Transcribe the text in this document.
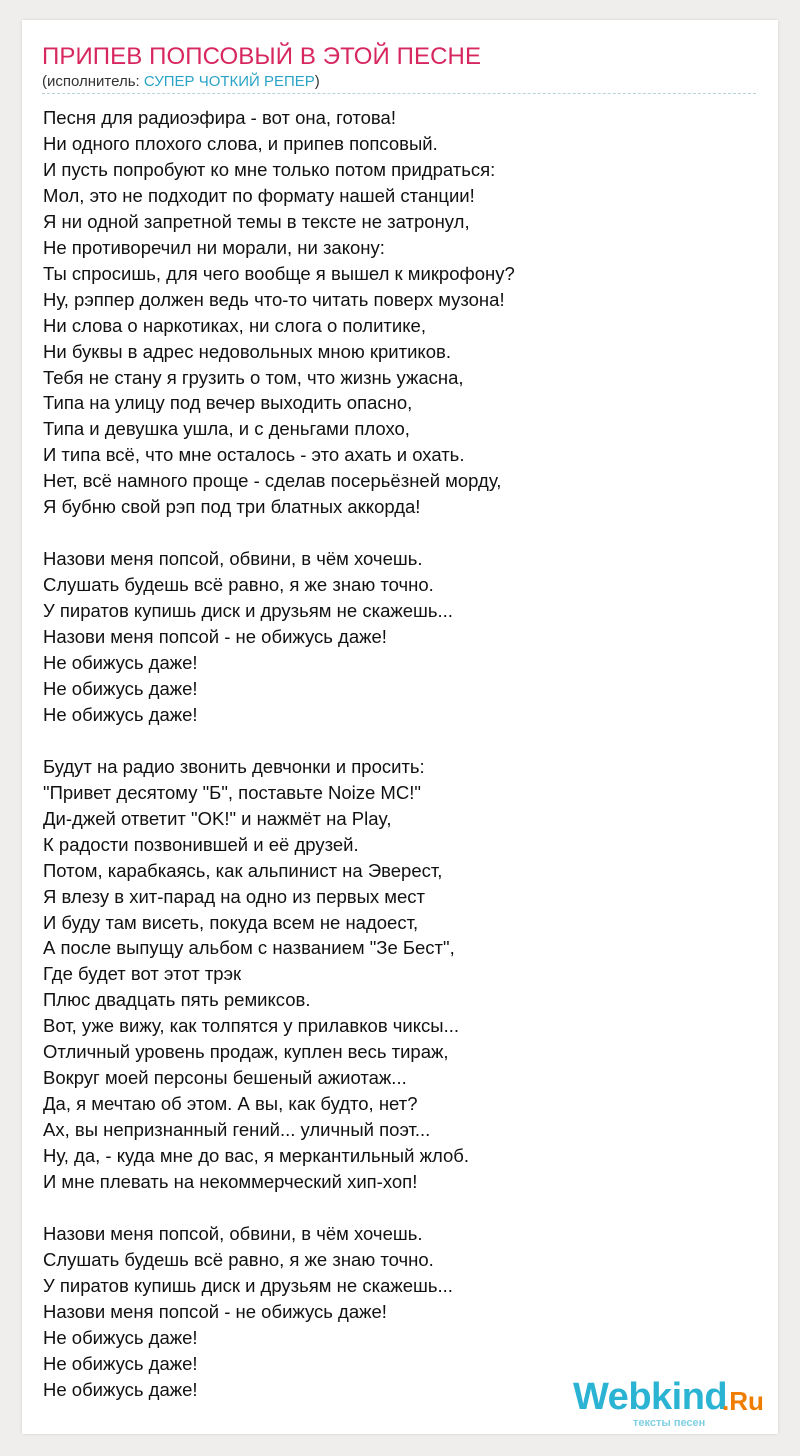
ПРИПЕВ ПОПСОВЫЙ В ЭТОЙ ПЕСНЕ
(исполнитель: СУПЕР ЧОТКИЙ РЕПЕР)
Песня для радиоэфира - вот она, готова!
Ни одного плохого слова, и припев попсовый.
И пусть попробуют ко мне только потом придраться:
Мол, это не подходит по формату нашей станции!
Я ни одной запретной темы в тексте не затронул,
Не противоречил ни морали, ни закону:
Ты спросишь, для чего вообще я вышел к микрофону?
Ну, рэппер должен ведь что-то читать поверх музона!
Ни слова о наркотиках, ни слога о политике,
Ни буквы в адрес недовольных мною критиков.
Тебя не стану я грузить о том, что жизнь ужасна,
Типа на улицу под вечер выходить опасно,
Типа и девушка ушла, и с деньгами плохо,
И типа всё, что мне осталось - это ахать и охать.
Нет, всё намного проще - сделав посерьёзней морду,
Я бубню свой рэп под три блатных аккорда!
Назови меня попсой, обвини, в чём хочешь.
Слушать будешь всё равно, я же знаю точно.
У пиратов купишь диск и друзьям не скажешь...
Назови меня попсой - не обижусь даже!
Не обижусь даже!
Не обижусь даже!
Не обижусь даже!
Будут на радио звонить девчонки и просить:
"Привет десятому "Б", поставьте Noize MC!"
Ди-джей ответит "OK!" и нажмёт на Play,
К радости позвонившей и её друзей.
Потом, карабкаясь, как альпинист на Эверест,
Я влезу в хит-парад на одно из первых мест
И буду там висеть, покуда всем не надоест,
А после выпущу альбом с названием "Зе Бест",
Где будет вот этот трэк
Плюс двадцать пять ремиксов.
Вот, уже вижу, как толпятся у прилавков чиксы...
Отличный уровень продаж, куплен весь тираж,
Вокруг моей персоны бешеный ажиотаж...
Да, я мечтаю об этом. А вы, как будто, нет?
Ах, вы непризнанный гений... уличный поэт...
Ну, да, - куда мне до вас, я меркантильный жлоб.
И мне плевать на некоммерческий хип-хоп!
Назови меня попсой, обвини, в чём хочешь.
Слушать будешь всё равно, я же знаю точно.
У пиратов купишь диск и друзьям не скажешь...
Назови меня попсой - не обижусь даже!
Не обижусь даже!
Не обижусь даже!
Не обижусь даже!	Webkind
.Ru
тексты песен
